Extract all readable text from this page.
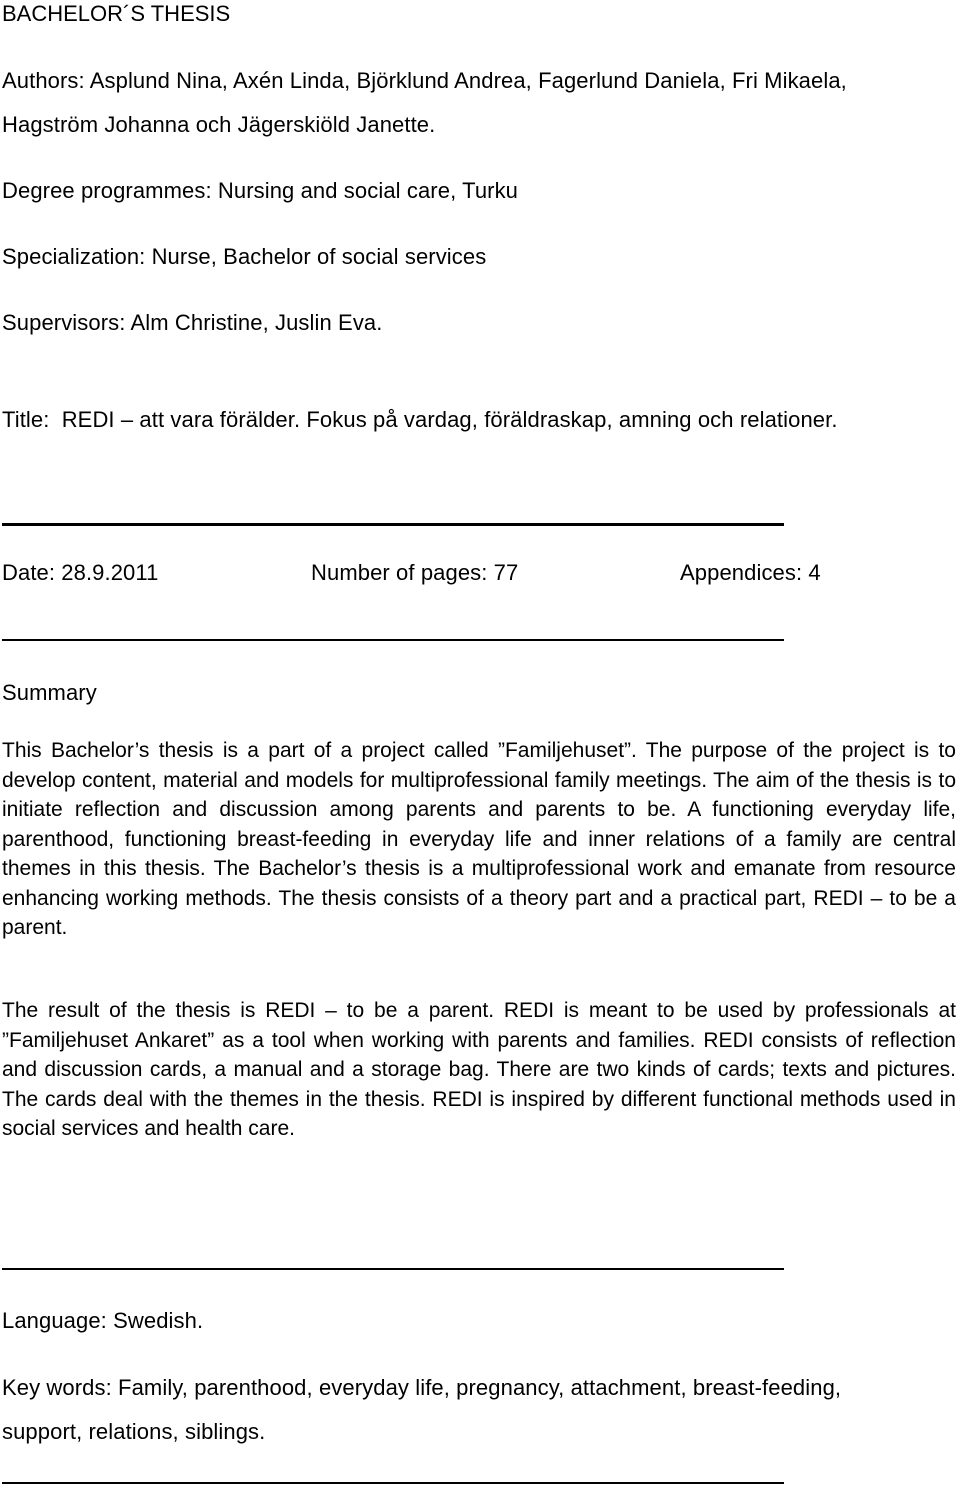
BACHELOR´S THESIS
Authors: Asplund Nina, Axén Linda, Björklund Andrea, Fagerlund Daniela, Fri Mikaela,
Hagström Johanna och Jägerskiöld Janette.
Degree programmes: Nursing and social care, Turku
Specialization: Nurse, Bachelor of social services
Supervisors: Alm Christine, Juslin Eva.
Title: REDI – att vara förälder. Fokus på vardag, föräldraskap, amning och relationer.
Date: 28.9.2011	Number of pages: 77	Appendices: 4
Summary
This Bachelor’s thesis is a part of a project called ”Familjehuset”. The purpose of the project is to develop content, material and models for multiprofessional family meetings. The aim of the thesis is to initiate reflection and discussion among parents and parents to be. A functioning everyday life, parenthood, functioning breast-feeding in everyday life and inner relations of a family are central themes in this thesis. The Bachelor’s thesis is a multiprofessional work and emanate from resource enhancing working methods. The thesis consists of a theory part and a practical part, REDI – to be a parent.
The result of the thesis is REDI – to be a parent. REDI is meant to be used by professionals at ”Familjehuset Ankaret” as a tool when working with parents and families. REDI consists of reflection and discussion cards, a manual and a storage bag. There are two kinds of cards; texts and pictures. The cards deal with the themes in the thesis. REDI is inspired by different functional methods used in social services and health care.
Language: Swedish.
Key words: Family, parenthood, everyday life, pregnancy, attachment, breast-feeding,
support, relations, siblings.
